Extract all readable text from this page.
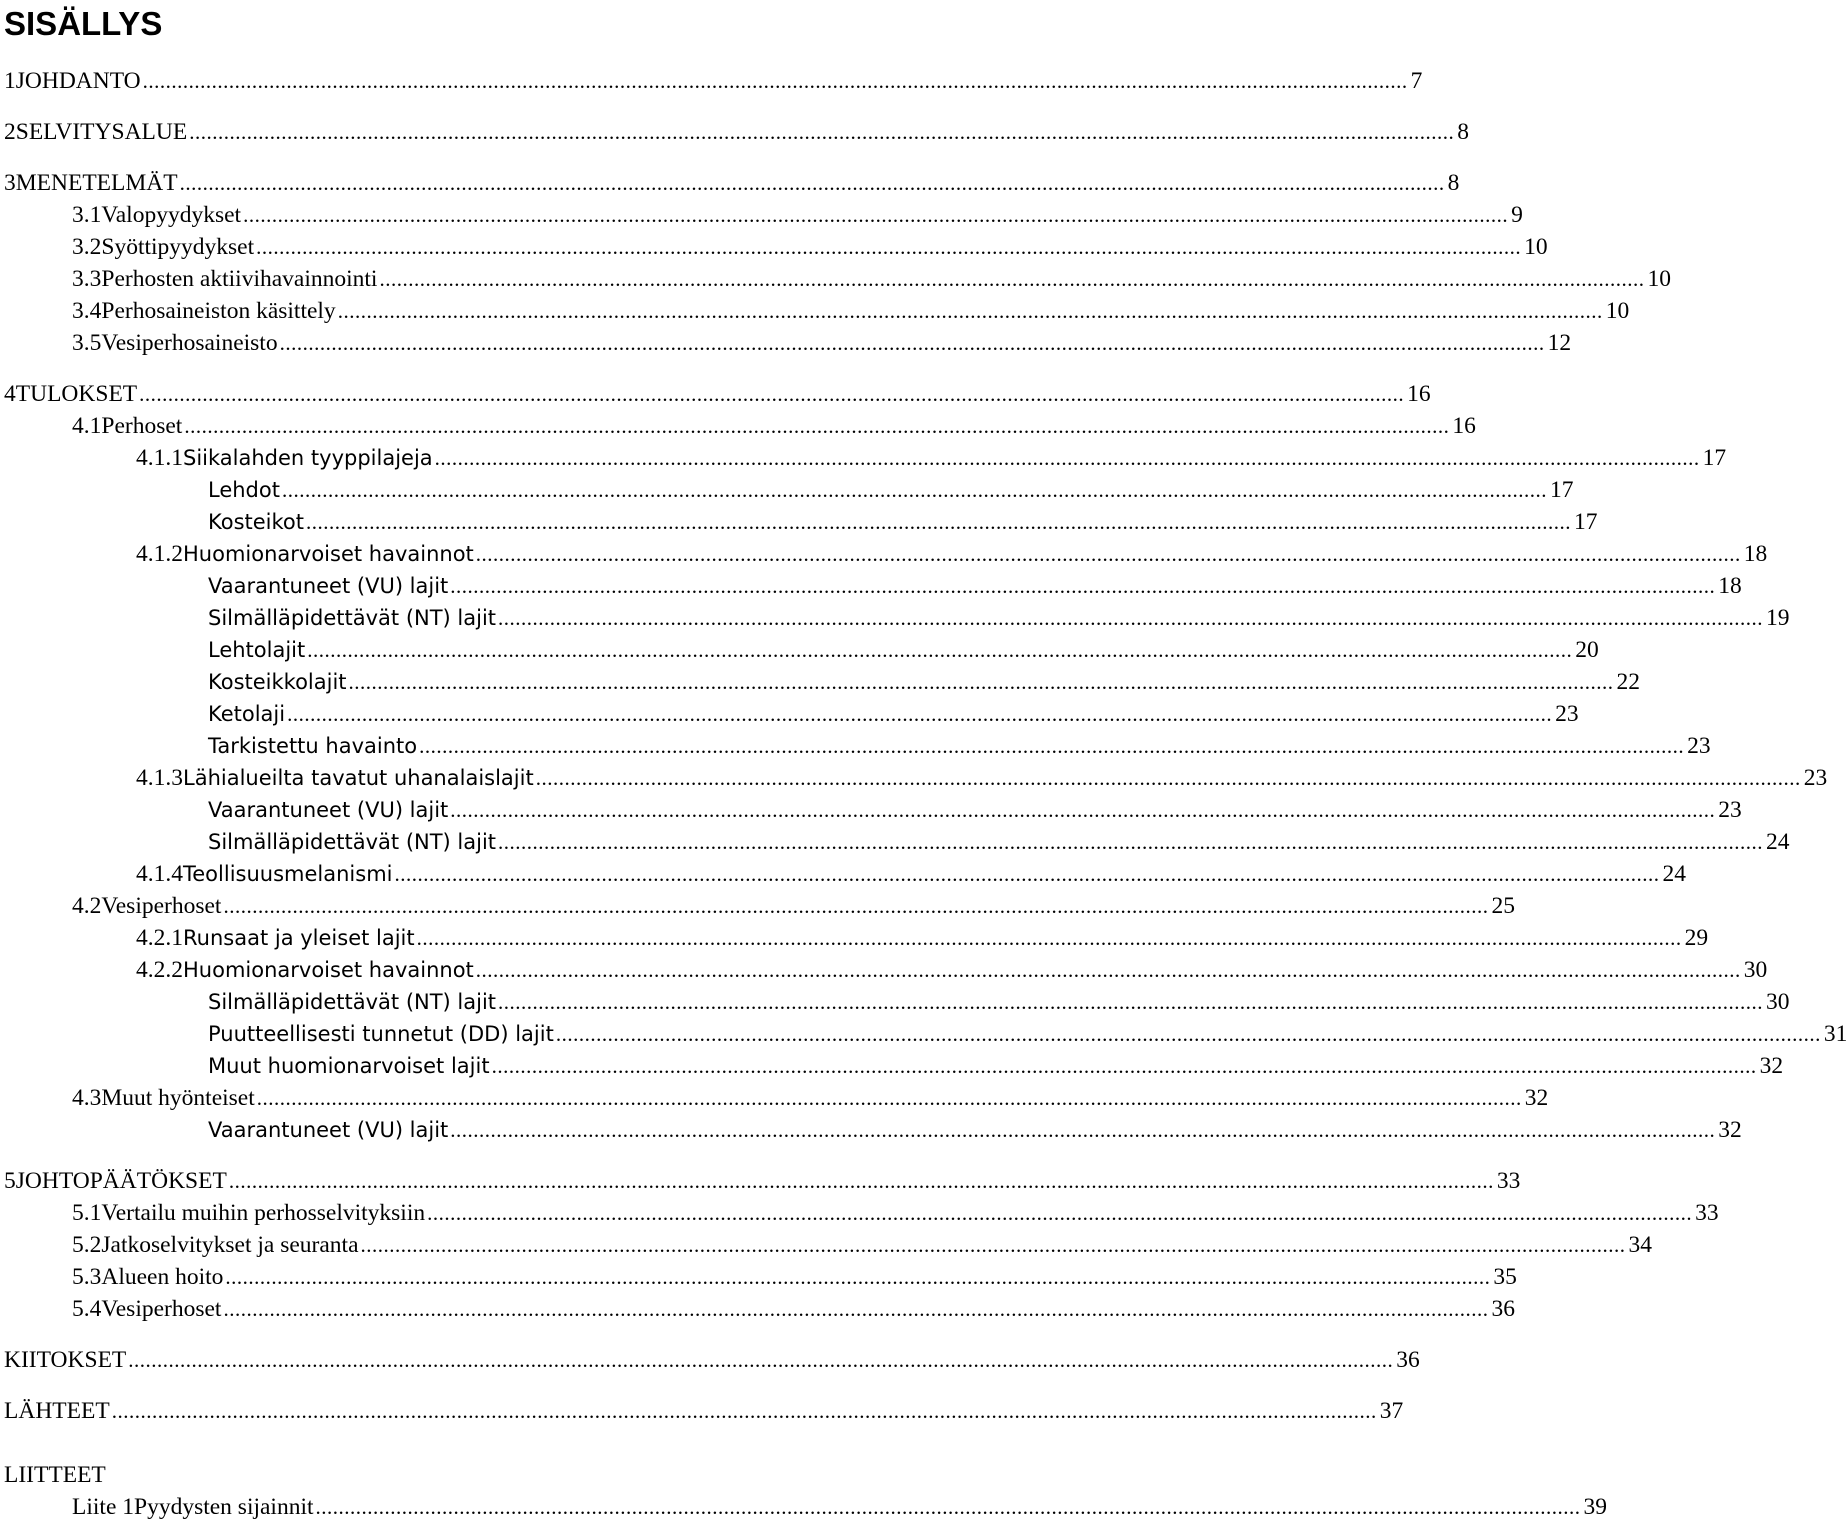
SISÄLLYS
1 JOHDANTO ............................................................................................................................................................................................................................ 7
2 SELVITYSALUE ............................................................................................................................................................................................................................ 8
3 MENETELMÄT ............................................................................................................................................................................................................................ 8
3.1 Valopyydykset ............................................................................................................................................................................................................................ 9
3.2 Syöttipyydykset ............................................................................................................................................................................................................................ 10
3.3 Perhosten aktiivihavainnointi ............................................................................................................................................................................................................................ 10
3.4 Perhosaineiston käsittely ............................................................................................................................................................................................................................ 10
3.5 Vesiperhosaineisto ............................................................................................................................................................................................................................ 12
4 TULOKSET ............................................................................................................................................................................................................................ 16
4.1 Perhoset ............................................................................................................................................................................................................................ 16
4.1.1 Siikalahden tyyppilajeja ............................................................................................................................................................................................................................ 17
Lehdot ............................................................................................................................................................................................................................ 17
Kosteikot ............................................................................................................................................................................................................................ 17
4.1.2 Huomionarvoiset havainnot ............................................................................................................................................................................................................................ 18
Vaarantuneet (VU) lajit ............................................................................................................................................................................................................................ 18
Silmälläpidettävät (NT) lajit ............................................................................................................................................................................................................................ 19
Lehtolajit ............................................................................................................................................................................................................................ 20
Kosteikkolajit ............................................................................................................................................................................................................................ 22
Ketolaji ............................................................................................................................................................................................................................ 23
Tarkistettu havainto ............................................................................................................................................................................................................................ 23
4.1.3 Lähialueilta tavatut uhanalaislajit ............................................................................................................................................................................................................................ 23
Vaarantuneet (VU) lajit ............................................................................................................................................................................................................................ 23
Silmälläpidettävät (NT) lajit ............................................................................................................................................................................................................................ 24
4.1.4 Teollisuusmelanismi ............................................................................................................................................................................................................................ 24
4.2 Vesiperhoset ............................................................................................................................................................................................................................ 25
4.2.1 Runsaat ja yleiset lajit ............................................................................................................................................................................................................................ 29
4.2.2 Huomionarvoiset havainnot ............................................................................................................................................................................................................................ 30
Silmälläpidettävät (NT) lajit ............................................................................................................................................................................................................................ 30
Puutteellisesti tunnetut (DD) lajit ............................................................................................................................................................................................................................ 31
Muut huomionarvoiset lajit ............................................................................................................................................................................................................................ 32
4.3 Muut hyönteiset ............................................................................................................................................................................................................................ 32
Vaarantuneet (VU) lajit ............................................................................................................................................................................................................................ 32
5 JOHTOPÄÄTÖKSET ............................................................................................................................................................................................................................ 33
5.1 Vertailu muihin perhosselvityksiin ............................................................................................................................................................................................................................ 33
5.2 Jatkoselvitykset ja seuranta ............................................................................................................................................................................................................................ 34
5.3 Alueen hoito ............................................................................................................................................................................................................................ 35
5.4 Vesiperhoset ............................................................................................................................................................................................................................ 36
KIITOKSET ............................................................................................................................................................................................................................ 36
LÄHTEET ............................................................................................................................................................................................................................ 37
Liite 1 Pyydysten sijainnit ............................................................................................................................................................................................................................ 39
LIITTEET
